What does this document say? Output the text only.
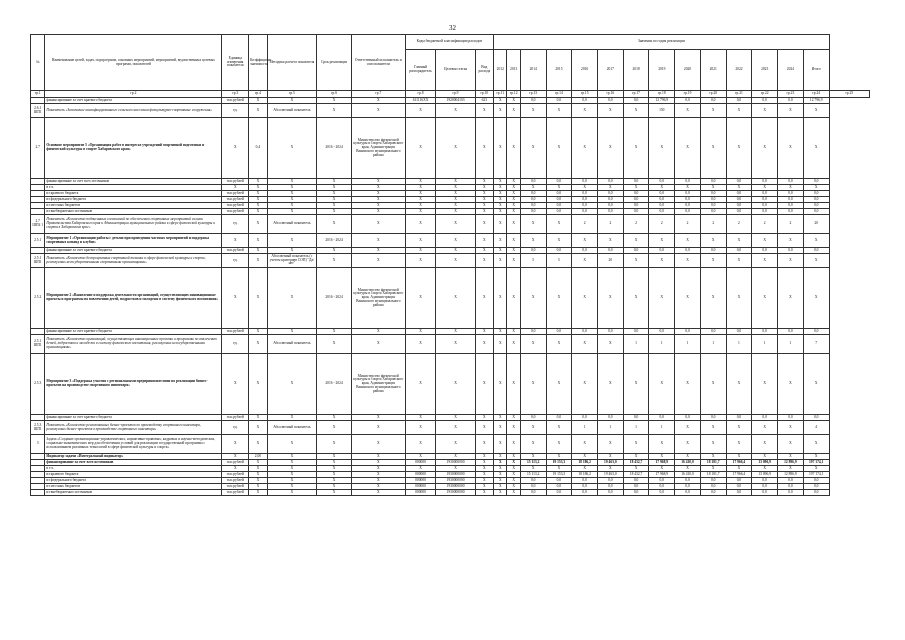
32
№	Наименование целей, задач, подпрограмм, основных мероприятий, мероприятий, ведомственных целевых программ, показателей	Единица измерения показателя	Коэффициент значимости	Методика расчета показателя	Срок реализации	Ответственный исполнитель и соисполнители	Коды бюджетной классификации расходов			Значения по годам реализации														
							Главный распорядитель	Целевая статья	Вид расхода	2012	2013	2014	2015	2016	2017	2018	2019	2020	2021	2022	2023	2024	Итого	
гр.1	гр.2	гр.3	гр.4	гр.5	гр.6	гр.7	гр.8	гр.9	гр.10	гр.11	гр.12	гр.13	гр.14	гр.15	гр.16	гр.17	гр.18	гр.19	гр.20	гр.21	гр.22	гр.23	гр.24	гр.25
	финансирование за счет краевого бюджета	тыс.рублей	X	X	X	X	611116ХХ	1920004103	623	X	X	0,0	0,0	0,0	0,0	0,0	12 796,9	0,0	0,0	0,0	0,0	0,0	12 796,9	
2.6.1 ШП1	Показатель «Заполнение квалифицированного сельского населения физкультурно-спортивные сооружения»	ед.	X	Абсолютный показатель	X	X	X	X	X	X	X	X	X	X	X	X	150	X	X	X	X	X	X	
2.7	Основное мероприятие 5 «Организация работ в интересах учреждений спортивной подготовки и физической культуры в спорте Хабаровского края»	X	0,4	X	2016 - 2024	Министерство физической культуры и спорта Хабаровского края, Администрация Ванинского муниципального района	X	X	X	X	X	X	X	X	X	X	X	X	X	X	X	X	X	
	финансирование за счет всех источников	тыс.рублей	X	X	X	X	X	X	X	X	X	0,0	0,0	0,0	0,0	0,0	0,0	0,0	0,0	0,0	0,0	0,0	0,0	
	в т.ч.	X	X	X	X	X	X	X	X	X	X	X	X	X	X	X	X	X	X	X	X	X	X	
	из краевого бюджета	тыс.рублей	X	X	X	X	X	X	X	X	X	0,0	0,0	0,0	0,0	0,0	0,0	0,0	0,0	0,0	0,0	0,0	0,0	
	из федерального бюджета	тыс.рублей	X	X	X	X	X	X	X	X	X	0,0	0,0	0,0	0,0	0,0	0,0	0,0	0,0	0,0	0,0	0,0	0,0	
	из местных бюджетов	тыс.рублей	X	X	X	X	X	X	X	X	X	0,0	0,0	0,0	0,0	0,0	0,0	0,0	0,0	0,0	0,0	0,0	0,0	
	из внебюджетных источников	тыс.рублей	X	X	X	X	X	X	X	X	X	0,0	0,0	0,0	0,0	0,0	0,0	0,0	0,0	0,0	0,0	0,0	0,0	
2.7 ШП4 1	Показатель «Количество подписанных соглашений по обеспечению спортивных мероприятий силами Правительства Хабаровского края и Администрации муниципального района в сфере физической культуры и спорта в Хабаровском крае»	ед.	X	Абсолютный показатель	X	X	X	X	X	X	X	X	X	2	2	2	2	2	2	2	2	2	20	
2.5.1	Мероприятие 1 «Организация работы с детьми при проведении частных мероприятий и поддержка спортивных команд и клубов»	X	X	X	2016 - 2024	X	X	X	X	X	X	X	X	X	X	X	X	X	X	X	X	X	X	
	финансирование за счет краевого бюджета	тыс.рублей	X	X	X	X	X	X	X	X	X	0,0	0,0	0,0	0,0	0,0	0,0	0,0	0,0	0,0	0,0	0,0	0,0	
2.5.1 ШП1	Показатель «Количество беспроцентных спортивной техники в сфере физической культуры и спорта, реализуемых негосударственными спортивными организациями»	ед.	X	Абсолютный показатель (с учетом критериев СОП) "Да/нет"	X	X	X	X	X	X	X	5	5	X	20	X	X	X	X	X	X	X	X	
2.5.2	Мероприятие 2 «Выявление и поддержка деятельности организаций, осуществляющих инновационные проекты и программы по вовлечению детей, подростков и молодежи в систему физического воспитания»	X	X	X	2016 - 2024	Министерство физической культуры и спорта Хабаровского края, Администрация Ванинского муниципального района	X	X	X	X	X	X	X	X	X	X	X	X	X	X	X	X	X	
	финансирование за счет краевого бюджета	тыс.рублей	X	X	X	X	X	X	X	X	X	0,0	0,0	0,0	0,0	0,0	0,0	0,0	0,0	0,0	0,0	0,0	0,0	
2.5.1 ШП1	Показатель «Количество организаций, осуществляющих инновационные проекты и программы по вовлечению детей, подростков и молодежи в систему физического воспитания, реализуемых негосударственными организациями»	ед.	X	Абсолютный показатель	X	X	X	X	X	X	X	X	X	X	X	1	1	1	1	1	1	1	7	
2.5.3	Мероприятие 3 «Поддержка участия с региональными предпринимателями по реализации бизнес-проектов на производстве спортивного инвентаря»	X	X	X	2016 - 2024	Министерство физической культуры и спорта Хабаровского края, Администрация Ванинского муниципального района	X	X	X	X	X	X	X	X	X	X	X	X	X	X	X	X	X	
	финансирование за счет краевого бюджета	тыс.рублей	X	X	X	X	X	X	X	X	X	0,0	0,0	0,0	0,0	0,0	0,0	0,0	0,0	0,0	0,0	0,0	0,0	
2.5.3 ШП1	Показатель «Количество реализованных бизнес-проектов по производству спортивного инвентаря, реализуемых бизнес-проектов в производстве спортивного инвентаря»	ед.	X	Абсолютный показатель	X	X	X	X	X	X	X	X	X	1	1	1	1	X	X	X	X	X	4	
3	Задача «Создание организационно-управленческих, нормативно-правовых, кадровых и научно-методических, социально-экономических мер для обеспечения условий для реализации государственной программы с использованием различных технологий в сфере физической культуры и спорта»	X	X	X	X	X	X	X	X	X	X	X	X	X	X	X	X	X	X	X	X	X	X	
	Индикатор задачи «Интегральный индикатор»	X	2,00	X	X	X	X	X	X	X	X	X	X	X	X	X	X	X	X	X	X	X	X	
	финансирование за счет всех источников	тыс.рублей	X	X	X	X	000000	1930000000	X	X	X	15 113,2	19 153,3	18 186,2	19 463,0	18 432,7	17 968,9	16 410,0	18 181,7	17 966,4	13 096,9	12 896,9	197 174,1	
	в т.ч.	X	X	X	X	X	X	X	X	X	X	X	X	X	X	X	X	X	X	X	X	X	X	
	из краевого бюджета	тыс.рублей	X	X	X	X	000000	1930000000	X	X	X	15 113,2	19 153,3	18 186,2	19 463,0	18 432,7	17 968,9	16 410,0	18 181,7	17 966,4	13 096,9	12 896,9	197 174,1	
	из федерального бюджета	тыс.рублей	X	X	X	X	000000	1930000000	X	X	X	0,0	0,0	0,0	0,0	0,0	0,0	0,0	0,0	0,0	0,0	0,0	0,0	
	из местных бюджетов	тыс.рублей	X	X	X	X	000000	1930000000	X	X	X	0,0	0,0	0,0	0,0	0,0	0,0	0,0	0,0	0,0	0,0	0,0	0,0	
	из внебюджетных источников	тыс.рублей	X	X	X	X	000000	1930000000	X	X	X	0,0	0,0	0,0	0,0	0,0	0,0	0,0	0,0	0,0	0,0	0,0	0,0	
